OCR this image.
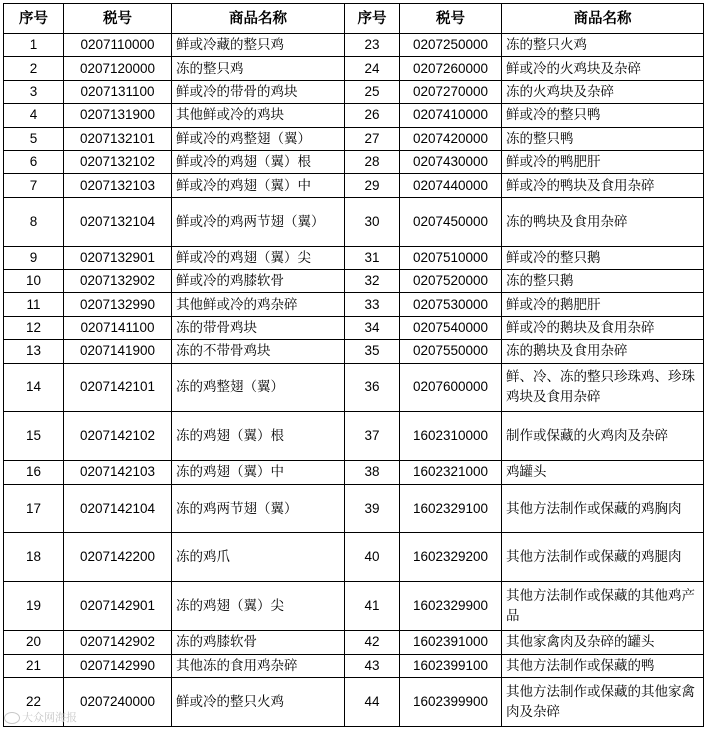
序号	税号	商品名称	序号	税号	商品名称
1	0207110000	鲜或冷藏的整只鸡	23	0207250000	冻的整只火鸡
2	0207120000	冻的整只鸡	24	0207260000	鲜或冷的火鸡块及杂碎
3	0207131100	鲜或冷的带骨的鸡块	25	0207270000	冻的火鸡块及杂碎
4	0207131900	其他鲜或冷的鸡块	26	0207410000	鲜或冷的整只鸭
5	0207132101	鲜或冷的鸡整翅（翼）	27	0207420000	冻的整只鸭
6	0207132102	鲜或冷的鸡翅（翼）根	28	0207430000	鲜或冷的鸭肥肝
7	0207132103	鲜或冷的鸡翅（翼）中	29	0207440000	鲜或冷的鸭块及食用杂碎
8	0207132104	鲜或冷的鸡两节翅（翼）	30	0207450000	冻的鸭块及食用杂碎
9	0207132901	鲜或冷的鸡翅（翼）尖	31	0207510000	鲜或冷的整只鹅
10	0207132902	鲜或冷的鸡膝软骨	32	0207520000	冻的整只鹅
11	0207132990	其他鲜或冷的鸡杂碎	33	0207530000	鲜或冷的鹅肥肝
12	0207141100	冻的带骨鸡块	34	0207540000	鲜或冷的鹅块及食用杂碎
13	0207141900	冻的不带骨鸡块	35	0207550000	冻的鹅块及食用杂碎
14	0207142101	冻的鸡整翅（翼）	36	0207600000	鲜、冷、冻的整只珍珠鸡、珍珠鸡块及食用杂碎
15	0207142102	冻的鸡翅（翼）根	37	1602310000	制作或保藏的火鸡肉及杂碎
16	0207142103	冻的鸡翅（翼）中	38	1602321000	鸡罐头
17	0207142104	冻的鸡两节翅（翼）	39	1602329100	其他方法制作或保藏的鸡胸肉
18	0207142200	冻的鸡爪	40	1602329200	其他方法制作或保藏的鸡腿肉
19	0207142901	冻的鸡翅（翼）尖	41	1602329900	其他方法制作或保藏的其他鸡产品
20	0207142902	冻的鸡膝软骨	42	1602391000	其他家禽肉及杂碎的罐头
21	0207142990	其他冻的食用鸡杂碎	43	1602399100	其他方法制作或保藏的鸭
22	0207240000	鲜或冷的整只火鸡	44	1602399900	其他方法制作或保藏的其他家禽肉及杂碎
大众网海报
